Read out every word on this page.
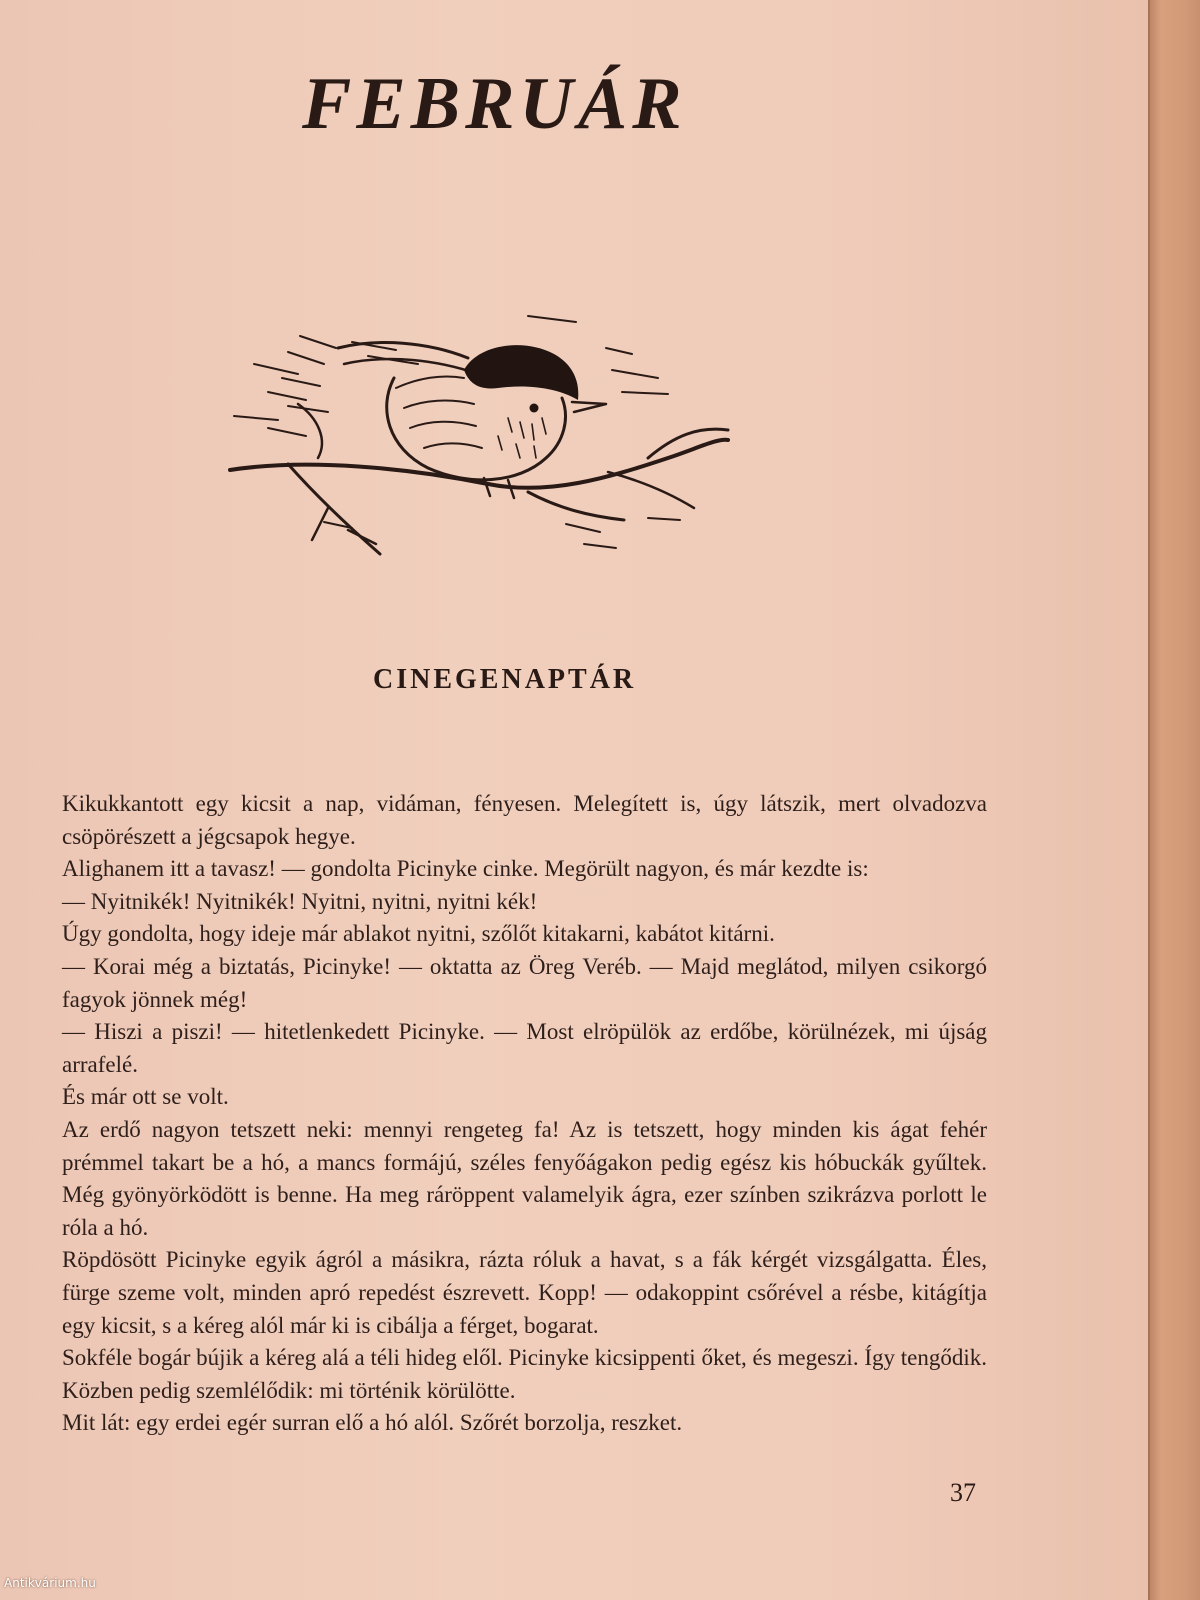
FEBRUÁR
CINEGENAPTÁR

Kikukkantott egy kicsit a nap, vidáman, fényesen. Melegített is, úgy látszik, mert olvadozva csöpörészett a jégcsapok hegye.

Alighanem itt a tavasz! — gondolta Picinyke cinke. Megörült nagyon, és már kezdte is:

— Nyitnikék! Nyitnikék! Nyitni, nyitni, nyitni kék!

Úgy gondolta, hogy ideje már ablakot nyitni, szőlőt kitakarni, kabátot kitárni.

— Korai még a biztatás, Picinyke! — oktatta az Öreg Veréb. — Majd meglátod, milyen csikorgó fagyok jönnek még!

— Hiszi a piszi! — hitetlenkedett Picinyke. — Most elröpülök az erdőbe, körülnézek, mi újság arrafelé.

És már ott se volt.

Az erdő nagyon tetszett neki: mennyi rengeteg fa! Az is tetszett, hogy minden kis ágat fehér prémmel takart be a hó, a mancs formájú, széles fenyőágakon pedig egész kis hóbuckák gyűltek. Még gyönyörködött is benne. Ha meg ráröppent valamelyik ágra, ezer színben szikrázva porlott le róla a hó.

Röpdösött Picinyke egyik ágról a másikra, rázta róluk a havat, s a fák kérgét vizsgálgatta. Éles, fürge szeme volt, minden apró repedést észrevett. Kopp! — odakoppint csőrével a résbe, kitágítja egy kicsit, s a kéreg alól már ki is cibálja a férget, bogarat.

Sokféle bogár bújik a kéreg alá a téli hideg elől. Picinyke kicsippenti őket, és megeszi. Így tengődik. Közben pedig szemlélődik: mi történik körülötte.

Mit lát: egy erdei egér surran elő a hó alól. Szőrét borzolja, reszket.

37
Antikvárium.hu
